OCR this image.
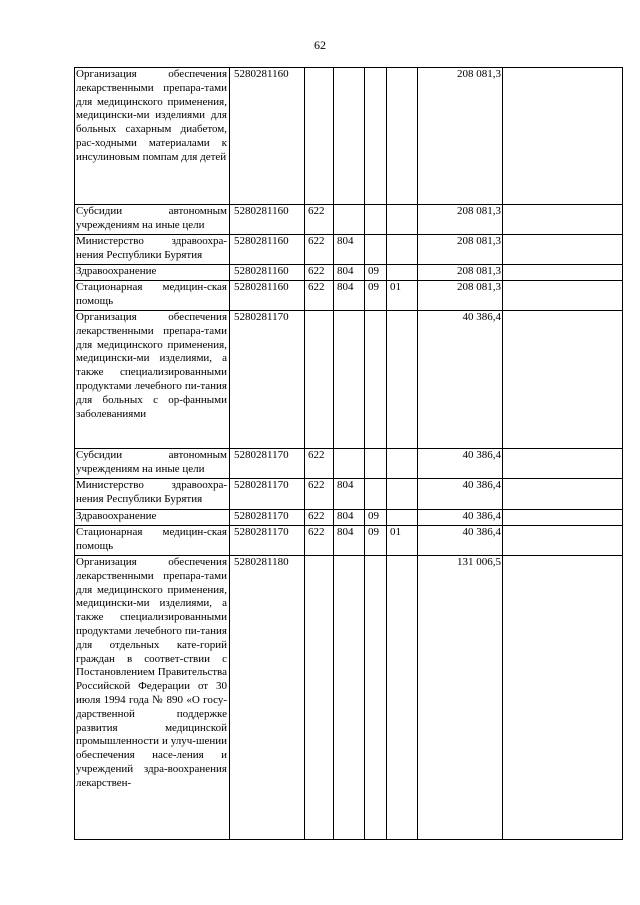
62
Организация обеспечения лекарственными препара-тами для медицинского применения, медицински-ми изделиями для больных сахарным диабетом, рас-ходными материалами к инсулиновым помпам для детей	5280281160					208 081,3	
Субсидии автономным учреждениям на иные цели	5280281160	622				208 081,3	
Министерство здравоохра-нения Республики Бурятия	5280281160	622	804			208 081,3	
Здравоохранение	5280281160	622	804	09		208 081,3	
Стационарная медицин-ская помощь	5280281160	622	804	09	01	208 081,3	
Организация обеспечения лекарственными препара-тами для медицинского применения, медицински-ми изделиями, а также специализированными продуктами лечебного пи-тания для больных с ор-фанными заболеваниями	5280281170					40 386,4	
Субсидии автономным учреждениям на иные цели	5280281170	622				40 386,4	
Министерство здравоохра-нения Республики Бурятия	5280281170	622	804			40 386,4	
Здравоохранение	5280281170	622	804	09		40 386,4	
Стационарная медицин-ская помощь	5280281170	622	804	09	01	40 386,4	
Организация обеспечения лекарственными препара-тами для медицинского применения, медицински-ми изделиями, а также специализированными продуктами лечебного пи-тания для отдельных кате-горий граждан в соответ-ствии с Постановлением Правительства Российской Федерации от 30 июля 1994 года № 890 «О госу-дарственной поддержке развития медицинской промышленности и улуч-шении обеспечения насе-ления и учреждений здра-воохранения лекарствен-	5280281180					131 006,5	
